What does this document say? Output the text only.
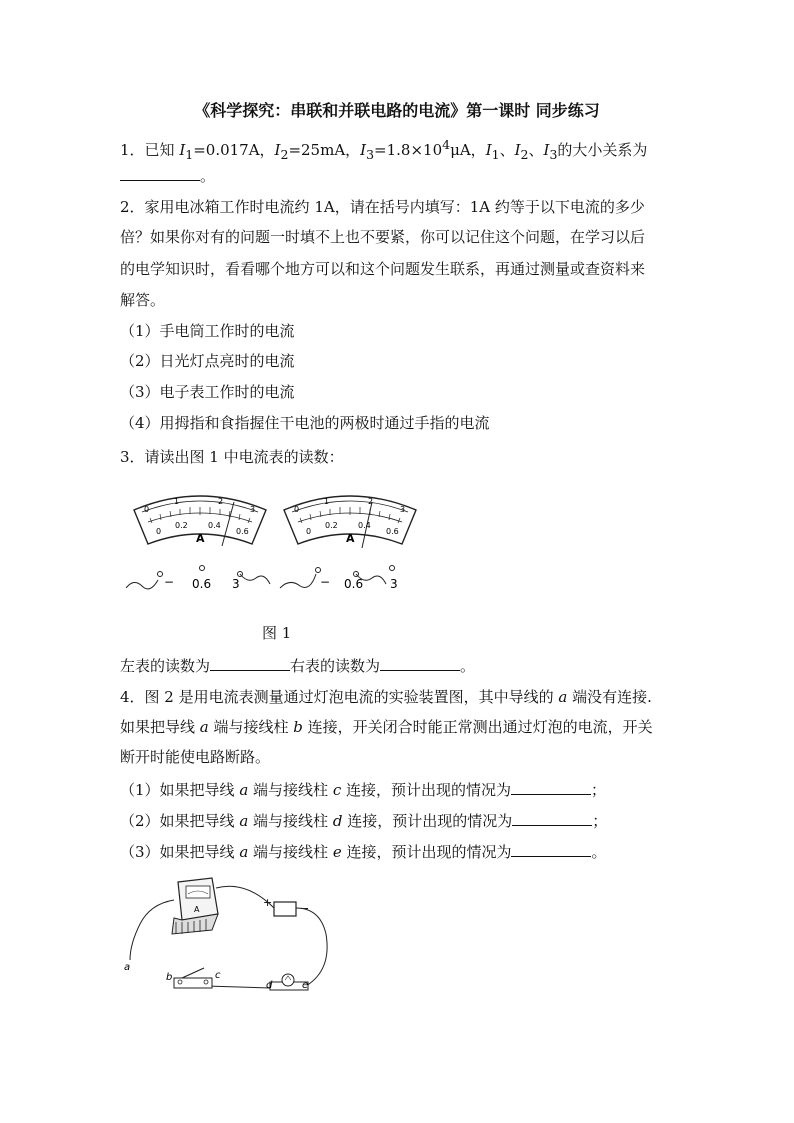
《科学探究：串联和并联电路的电流》第一课时 同步练习
1．已知 $I_1=0.017A$，$I_2=25mA$，$I_3=1.8\times 10^4\mu A$，$I_1$、$I_2$、$I_3$的大小关系为
。
2．家用电冰箱工作时电流约 1A，请在括号内填写：1A 约等于以下电流的多少
倍？如果你对有的问题一时填不上也不要紧，你可以记住这个问题，在学习以后
的电学知识时，看看哪个地方可以和这个问题发生联系，再通过测量或查资料来
解答。
（1）手电筒工作时的电流
（2）日光灯点亮时的电流
（3）电子表工作时的电流
（4）用拇指和食指握住干电池的两极时通过手指的电流
3．请读出图 1 中电流表的读数：
0
1	2
3
0
0.2	0.4
0.6
A
0
1	2
3
0
0.2	0.4
0.6
A
− 0.6 3	− 0.6 3
图 1
左表的读数为	右表的读数为	。
4．图 2 是用电流表测量通过灯泡电流的实验装置图，其中导线的 a 端没有连接.
如果把导线 a 端与接线柱 b 连接，开关闭合时能正常测出通过灯泡的电流，开关
断开时能使电路断路。
（1）如果把导线 a 端与接线柱 c 连接，预计出现的情况为	；
（2）如果把导线 a 端与接线柱 d 连接，预计出现的情况为	；
（3）如果把导线 a 端与接线柱 e 连接，预计出现的情况为	。
A
+	−
a
b	c
d	e
